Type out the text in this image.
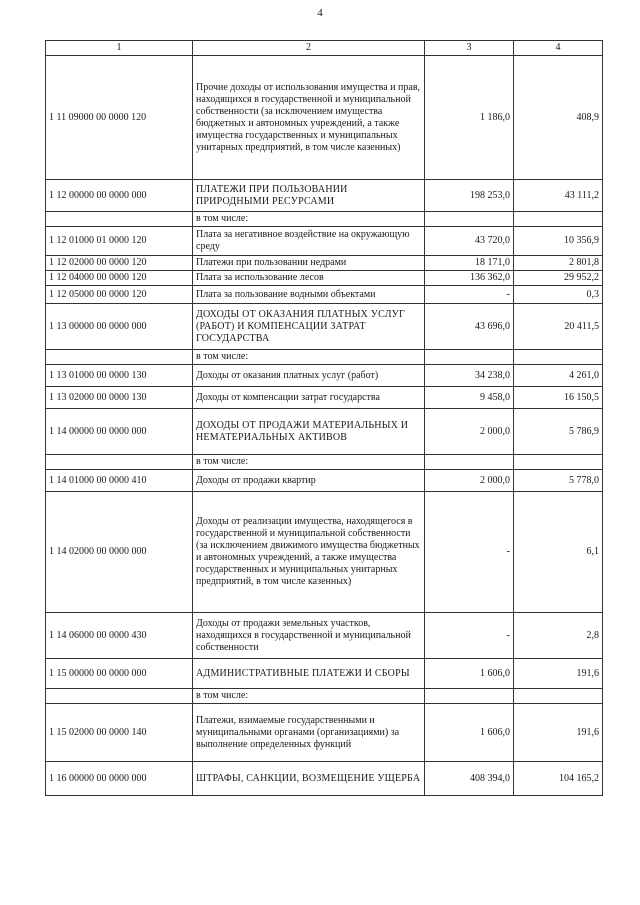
4
1	2	3	4
1 11 09000 00 0000 120	Прочие доходы от использования имущества и прав, находящихся в государственной и муниципальной собственности (за исключением имущества бюджетных и автономных учреждений, а также имущества государственных и муниципальных унитарных предприятий, в том числе казенных)	1 186,0	408,9
1 12 00000 00 0000 000	ПЛАТЕЖИ ПРИ ПОЛЬЗОВАНИИ ПРИРОДНЫМИ РЕСУРСАМИ	198 253,0	43 111,2
	в том числе:		
1 12 01000 01 0000 120	Плата за негативное воздействие на окружающую среду	43 720,0	10 356,9
1 12 02000 00 0000 120	Платежи при пользовании недрами	18 171,0	2 801,8
1 12 04000 00 0000 120	Плата за использование лесов	136 362,0	29 952,2
1 12 05000 00 0000 120	Плата за пользование водными объектами	-	0,3
1 13 00000 00 0000 000	ДОХОДЫ ОТ ОКАЗАНИЯ ПЛАТНЫХ УСЛУГ (РАБОТ) И КОМПЕНСАЦИИ ЗАТРАТ ГОСУДАРСТВА	43 696,0	20 411,5
	в том числе:		
1 13 01000 00 0000 130	Доходы от оказания платных услуг (работ)	34 238,0	4 261,0
1 13 02000 00 0000 130	Доходы от компенсации затрат государства	9 458,0	16 150,5
1 14 00000 00 0000 000	ДОХОДЫ ОТ ПРОДАЖИ МАТЕРИАЛЬНЫХ И НЕМАТЕРИАЛЬНЫХ АКТИВОВ	2 000,0	5 786,9
	в том числе:		
1 14 01000 00 0000 410	Доходы от продажи квартир	2 000,0	5 778,0
1 14 02000 00 0000 000	Доходы от реализации имущества, находящегося в государственной и муниципальной собственности (за исключением движимого имущества бюджетных и автономных учреждений, а также имущества государственных и муниципальных унитарных предприятий, в том числе казенных)	-	6,1
1 14 06000 00 0000 430	Доходы от продажи земельных участков, находящихся в государственной и муниципальной собственности	-	2,8
1 15 00000 00 0000 000	АДМИНИСТРАТИВНЫЕ ПЛАТЕЖИ И СБОРЫ	1 606,0	191,6
	в том числе:		
1 15 02000 00 0000 140	Платежи, взимаемые государственными и муниципальными органами (организациями) за выполнение определенных функций	1 606,0	191,6
1 16 00000 00 0000 000	ШТРАФЫ, САНКЦИИ, ВОЗМЕЩЕНИЕ УЩЕРБА	408 394,0	104 165,2
